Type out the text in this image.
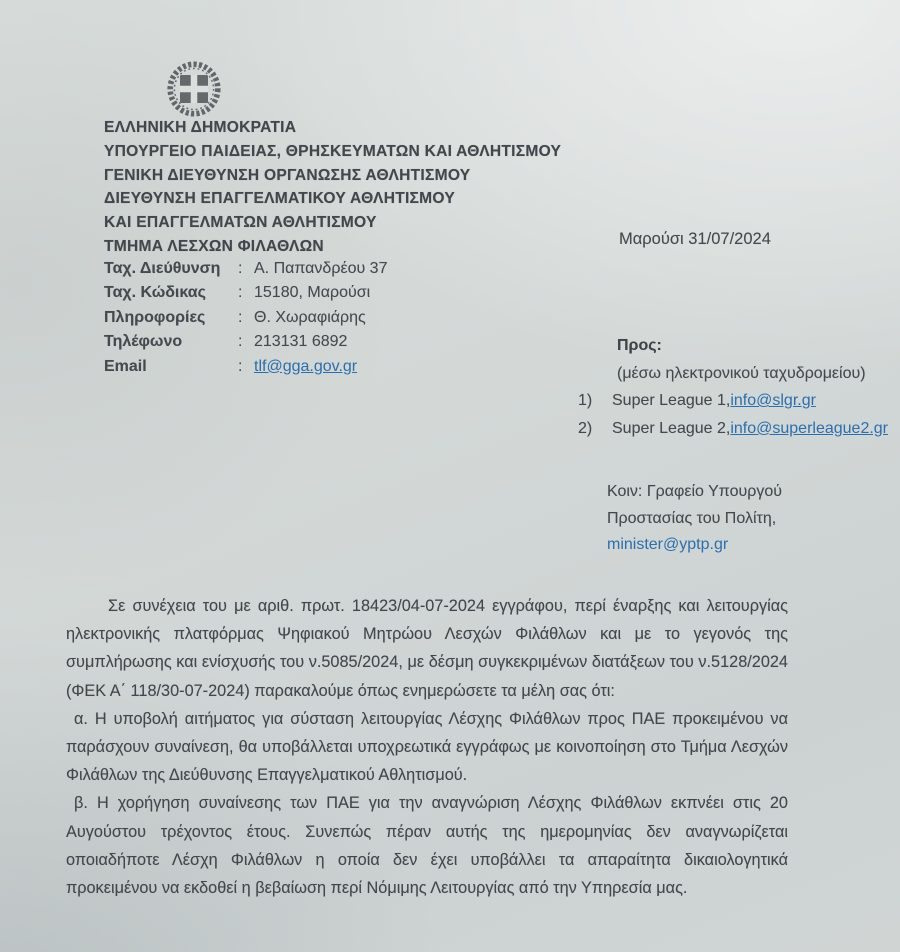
ΕΛΛΗΝΙΚΗ ΔΗΜΟΚΡΑΤΙΑ
ΥΠΟΥΡΓΕΙΟ ΠΑΙΔΕΙΑΣ, ΘΡΗΣΚΕΥΜΑΤΩΝ ΚΑΙ ΑΘΛΗΤΙΣΜΟΥ
ΓΕΝΙΚΗ ΔΙΕΥΘΥΝΣΗ ΟΡΓΑΝΩΣΗΣ ΑΘΛΗΤΙΣΜΟΥ
ΔΙΕΥΘΥΝΣΗ ΕΠΑΓΓΕΛΜΑΤΙΚΟΥ ΑΘΛΗΤΙΣΜΟΥ
ΚΑΙ ΕΠΑΓΓΕΛΜΑΤΩΝ ΑΘΛΗΤΙΣΜΟΥ
ΤΜΗΜΑ ΛΕΣΧΩΝ ΦΙΛΑΘΛΩΝ
Ταχ. Διεύθυνση	: Α. Παπανδρέου 37
Ταχ. Κώδικας	: 15180, Μαρούσι
Πληροφορίες	: Θ. Χωραφιάρης
Τηλέφωνο	: 213131 6892
Email	: tlf@gga.gov.gr
Μαρούσι 31/07/2024
Προς:
(μέσω ηλεκτρονικού ταχυδρομείου)
1)	Super League 1, info@slgr.gr
2)	Super League 2, info@superleague2.gr
Κοιν: Γραφείο Υπουργού
Προστασίας του Πολίτη,
minister@yptp.gr

Σε συνέχεια του με αριθ. πρωτ. 18423/04-07-2024 εγγράφου, περί έναρξης και λειτουργίας ηλεκτρονικής πλατφόρμας Ψηφιακού Μητρώου Λεσχών Φιλάθλων και με το γεγονός της συμπλήρωσης και ενίσχυσής του ν.5085/2024, με δέσμη συγκεκριμένων διατάξεων του ν.5128/2024 (ΦΕΚ Α΄ 118/30-07-2024) παρακαλούμε όπως ενημερώσετε τα μέλη σας ότι:

α. Η υποβολή αιτήματος για σύσταση λειτουργίας Λέσχης Φιλάθλων προς ΠΑΕ προκειμένου να παράσχουν συναίνεση, θα υποβάλλεται υποχρεωτικά εγγράφως με κοινοποίηση στο Τμήμα Λεσχών Φιλάθλων της Διεύθυνσης Επαγγελματικού Αθλητισμού.

β. Η χορήγηση συναίνεσης των ΠΑΕ για την αναγνώριση Λέσχης Φιλάθλων εκπνέει στις 20 Αυγούστου τρέχοντος έτους. Συνεπώς πέραν αυτής της ημερομηνίας δεν αναγνωρίζεται οποιαδήποτε Λέσχη Φιλάθλων η οποία δεν έχει υποβάλλει τα απαραίτητα δικαιολογητικά προκειμένου να εκδοθεί η βεβαίωση περί Νόμιμης Λειτουργίας από την Υπηρεσία μας.
